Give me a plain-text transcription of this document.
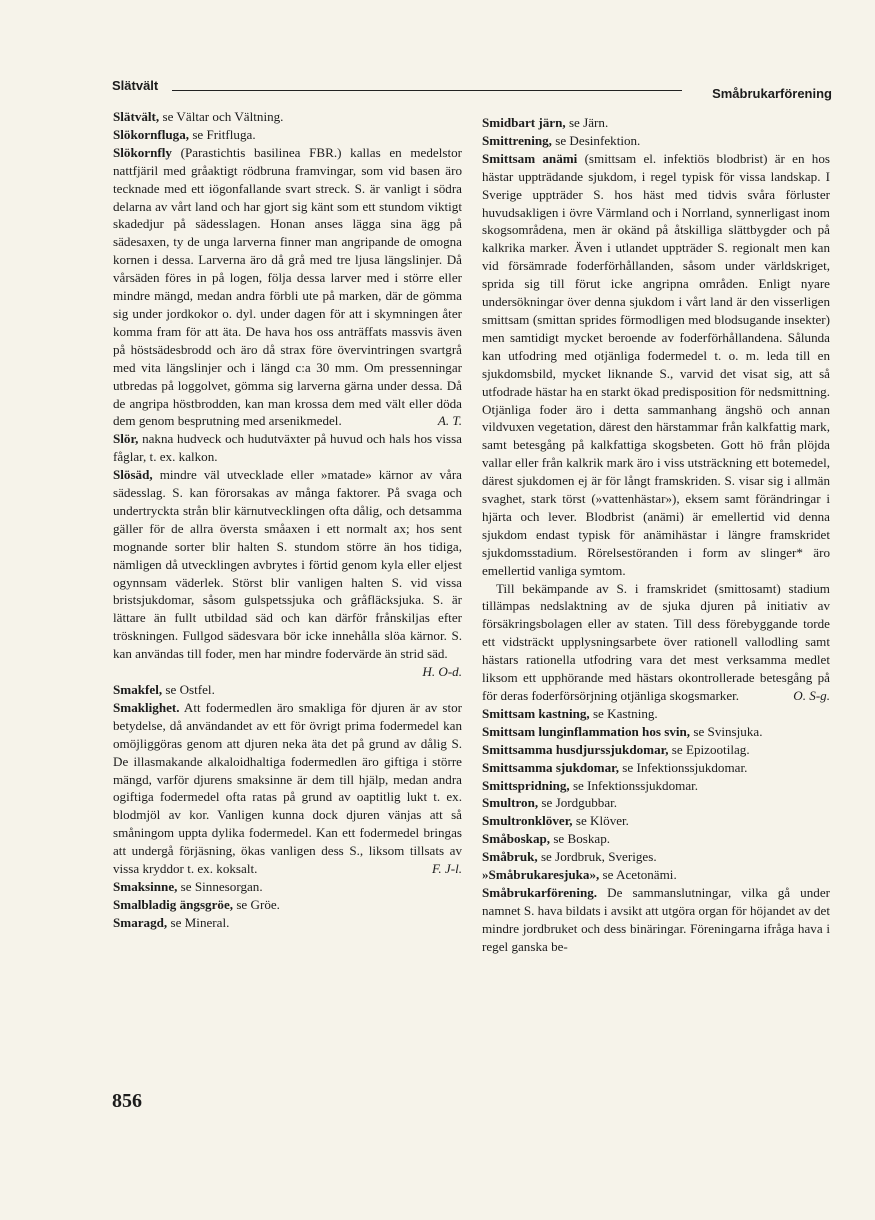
Slätvält
Småbrukarförening

Slätvält, se Vältar och Vältning.

Slökornfluga, se Fritfluga.

Slökornfly (Parastichtis basilinea FBR.) kallas en medelstor nattfjäril med gråaktigt rödbruna framvingar, som vid basen äro tecknade med ett iögonfallande svart streck. S. är vanligt i södra delarna av vårt land och har gjort sig känt som ett stundom viktigt skadedjur på sädesslagen. Honan anses lägga sina ägg på sädesaxen, ty de unga larverna finner man angripande de omogna kornen i dessa. Larverna äro då grå med tre ljusa längslinjer. Då vårsäden föres in på logen, följa dessa larver med i större eller mindre mängd, medan andra förbli ute på marken, där de gömma sig under jordkokor o. dyl. under dagen för att i skymningen åter komma fram för att äta. De hava hos oss anträffats massvis även på höstsädesbrodd och äro då strax före övervintringen svartgrå med vita längslinjer och i längd c:a 30 mm. Om pressenningar utbredas på loggolvet, gömma sig larverna gärna under dessa. Då de angripa höstbrodden, kan man krossa dem med vält eller döda dem genom besprutning med arsenikmedel.	A. T.

Slör, nakna hudveck och hudutväxter på huvud och hals hos vissa fåglar, t. ex. kalkon.

Slösäd, mindre väl utvecklade eller »matade» kärnor av våra sädesslag. S. kan förorsakas av många faktorer. På svaga och undertryckta strån blir kärnutvecklingen ofta dålig, och detsamma gäller för de allra översta småaxen i ett normalt ax; hos sent mognande sorter blir halten S. stundom större än hos tidiga, nämligen då utvecklingen avbrytes i förtid genom kyla eller eljest ogynnsam väderlek. Störst blir vanligen halten S. vid vissa bristsjukdomar, såsom gulspetssjuka och gråfläcksjuka. S. är lättare än fullt utbildad säd och kan därför frånskiljas efter tröskningen. Fullgod sädesvara bör icke innehålla slöa kärnor. S. kan användas till foder, men har mindre fodervärde än strid säd.
H. O-d.

Smakfel, se Ostfel.

Smaklighet. Att fodermedlen äro smakliga för djuren är av stor betydelse, då användandet av ett för övrigt prima fodermedel kan omöjliggöras genom att djuren neka äta det på grund av dålig S. De illasmakande alkaloidhaltiga fodermedlen äro giftiga i större mängd, varför djurens smaksinne är dem till hjälp, medan andra ogiftiga fodermedel ofta ratas på grund av oaptitlig lukt t. ex. blodmjöl av kor. Vanligen kunna dock djuren vänjas att så småningom uppta dylika fodermedel. Kan ett fodermedel bringas att undergå förjäsning, ökas vanligen dess S., liksom tillsats av vissa kryddor t. ex. koksalt.	F. J-l.

Smaksinne, se Sinnesorgan.

Smalbladig ängsgröe, se Gröe.

Smaragd, se Mineral.

Smidbart järn, se Järn.

Smittrening, se Desinfektion.

Smittsam anämi (smittsam el. infektiös blodbrist) är en hos hästar uppträdande sjukdom, i regel typisk för vissa landskap. I Sverige uppträder S. hos häst med tidvis svåra förluster huvudsakligen i övre Värmland och i Norrland, synnerligast inom skogsområdena, men är okänd på åtskilliga slättbygder och på kalkrika marker. Även i utlandet uppträder S. regionalt men kan vid försämrade foderförhållanden, såsom under världskriget, sprida sig till förut icke angripna områden. Enligt nyare undersökningar över denna sjukdom i vårt land är den visserligen smittsam (smittan sprides förmodligen med blodsugande insekter) men samtidigt mycket beroende av foderförhållandena. Sålunda kan utfodring med otjänliga fodermedel t. o. m. leda till en sjukdomsbild, mycket liknande S., varvid det visat sig, att så utfodrade hästar ha en starkt ökad predisposition för nedsmittning. Otjänliga foder äro i detta sammanhang ängshö och annan vildvuxen vegetation, därest den härstammar från kalkfattig mark, samt betesgång på kalkfattiga skogsbeten. Gott hö från plöjda vallar eller från kalkrik mark äro i viss utsträckning ett botemedel, därest sjukdomen ej är för långt framskriden. S. visar sig i allmän svaghet, stark törst (»vattenhästar»), eksem samt förändringar i hjärta och lever. Blodbrist (anämi) är emellertid vid denna sjukdom endast typisk för anämihästar i längre framskridet sjukdomsstadium. Rörelsestöranden i form av slinger* äro emellertid vanliga symtom.

Till bekämpande av S. i framskridet (smittosamt) stadium tillämpas nedslaktning av de sjuka djuren på initiativ av försäkringsbolagen eller av staten. Till dess förebyggande torde ett vidsträckt upplysningsarbete över rationell vallodling samt hästars rationella utfodring vara det mest verksamma medlet liksom ett upphörande med hästars okontrollerade betesgång på för deras foderförsörjning otjänliga skogsmarker.	O. S-g.

Smittsam kastning, se Kastning.

Smittsam lunginflammation hos svin, se Svinsjuka.

Smittsamma husdjurssjukdomar, se Epizootilag.

Smittsamma sjukdomar, se Infektionssjukdomar.

Smittspridning, se Infektionssjukdomar.

Smultron, se Jordgubbar.

Smultronklöver, se Klöver.

Småboskap, se Boskap.

Småbruk, se Jordbruk, Sveriges.

»Småbrukaresjuka», se Acetonämi.

Småbrukarförening. De sammanslutningar, vilka gå under namnet S. hava bildats i avsikt att utgöra organ för höjandet av det mindre jordbruket och dess binäringar. Föreningarna ifråga hava i regel ganska be-

856
